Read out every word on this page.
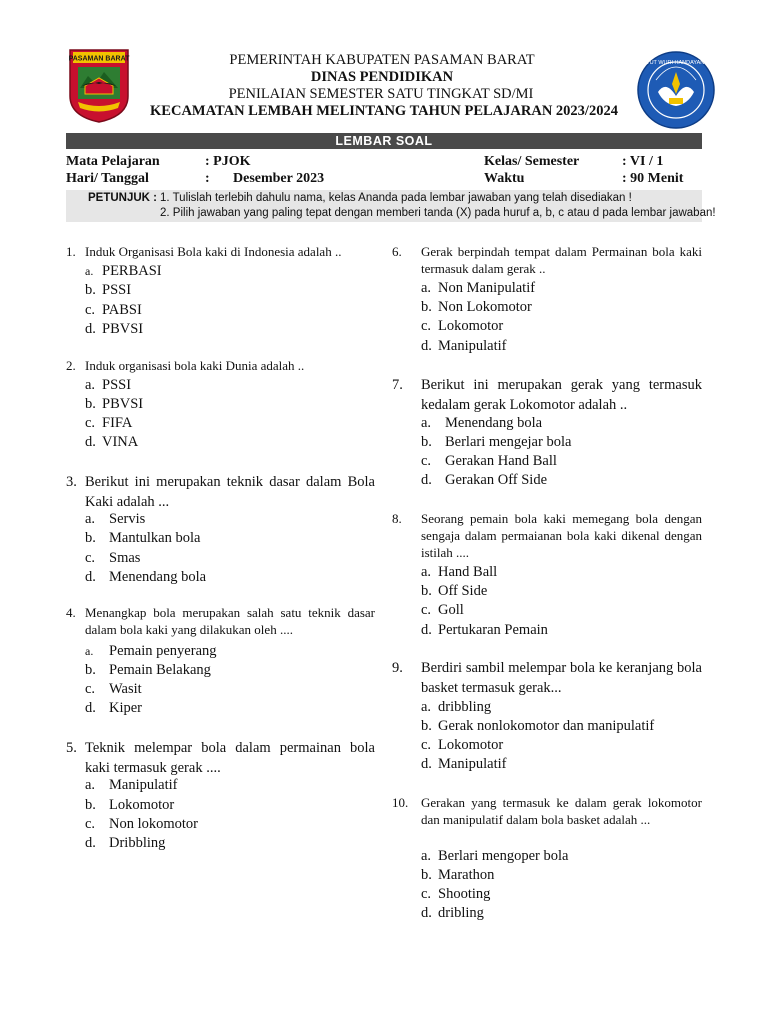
PASAMAN BARAT
TUT WURI HANDAYANI
PEMERINTAH KABUPATEN PASAMAN BARAT
DINAS PENDIDIKAN
PENILAIAN SEMESTER SATU TINGKAT SD/MI
KECAMATAN LEMBAH MELINTANG TAHUN PELAJARAN 2023/2024
LEMBAR SOAL
Mata Pelajaran	: PJOK
Hari/ Tanggal	: Desember 2023
Kelas/ Semester	: VI / 1
Waktu	: 90 Menit
PETUNJUK : 1. Tulislah terlebih dahulu nama, kelas Ananda pada lembar jawaban yang telah disediakan !
2. Pilih jawaban yang paling tepat dengan memberi tanda (X) pada huruf a, b, c atau d pada lembar jawaban!
1. Induk Organisasi Bola kaki di Indonesia adalah ..
a. PERBASI
b. PSSI
c. PABSI
d. PBVSI
2. Induk organisasi bola kaki Dunia adalah ..
a. PSSI
b. PBVSI
c. FIFA
d. VINA
3. Berikut ini merupakan teknik dasar dalam Bola Kaki adalah ...
a. Servis
b. Mantulkan bola
c. Smas
d. Menendang bola
4. Menangkap bola merupakan salah satu teknik dasar dalam bola kaki yang dilakukan oleh ....
a. Pemain penyerang
b. Pemain Belakang
c. Wasit
d. Kiper
5. Teknik melempar bola dalam permainan bola kaki termasuk gerak ....
a. Manipulatif
b. Lokomotor
c. Non lokomotor
d. Dribbling
6. Gerak berpindah tempat dalam Permainan bola kaki termasuk dalam gerak ..
a. Non Manipulatif
b. Non Lokomotor
c. Lokomotor
d. Manipulatif
7. Berikut ini merupakan gerak yang termasuk kedalam gerak Lokomotor adalah ..
a. Menendang bola
b. Berlari mengejar bola
c. Gerakan Hand Ball
d. Gerakan Off Side
8. Seorang pemain bola kaki memegang bola dengan sengaja dalam permaianan bola kaki dikenal dengan istilah ....
a. Hand Ball
b. Off Side
c. Goll
d. Pertukaran Pemain
9. Berdiri sambil melempar bola ke keranjang bola basket termasuk gerak...
a. dribbling
b. Gerak nonlokomotor dan manipulatif
c. Lokomotor
d. Manipulatif
10. Gerakan yang termasuk ke dalam gerak lokomotor dan manipulatif dalam bola basket adalah ...
a. Berlari mengoper bola
b. Marathon
c. Shooting
d. dribling
